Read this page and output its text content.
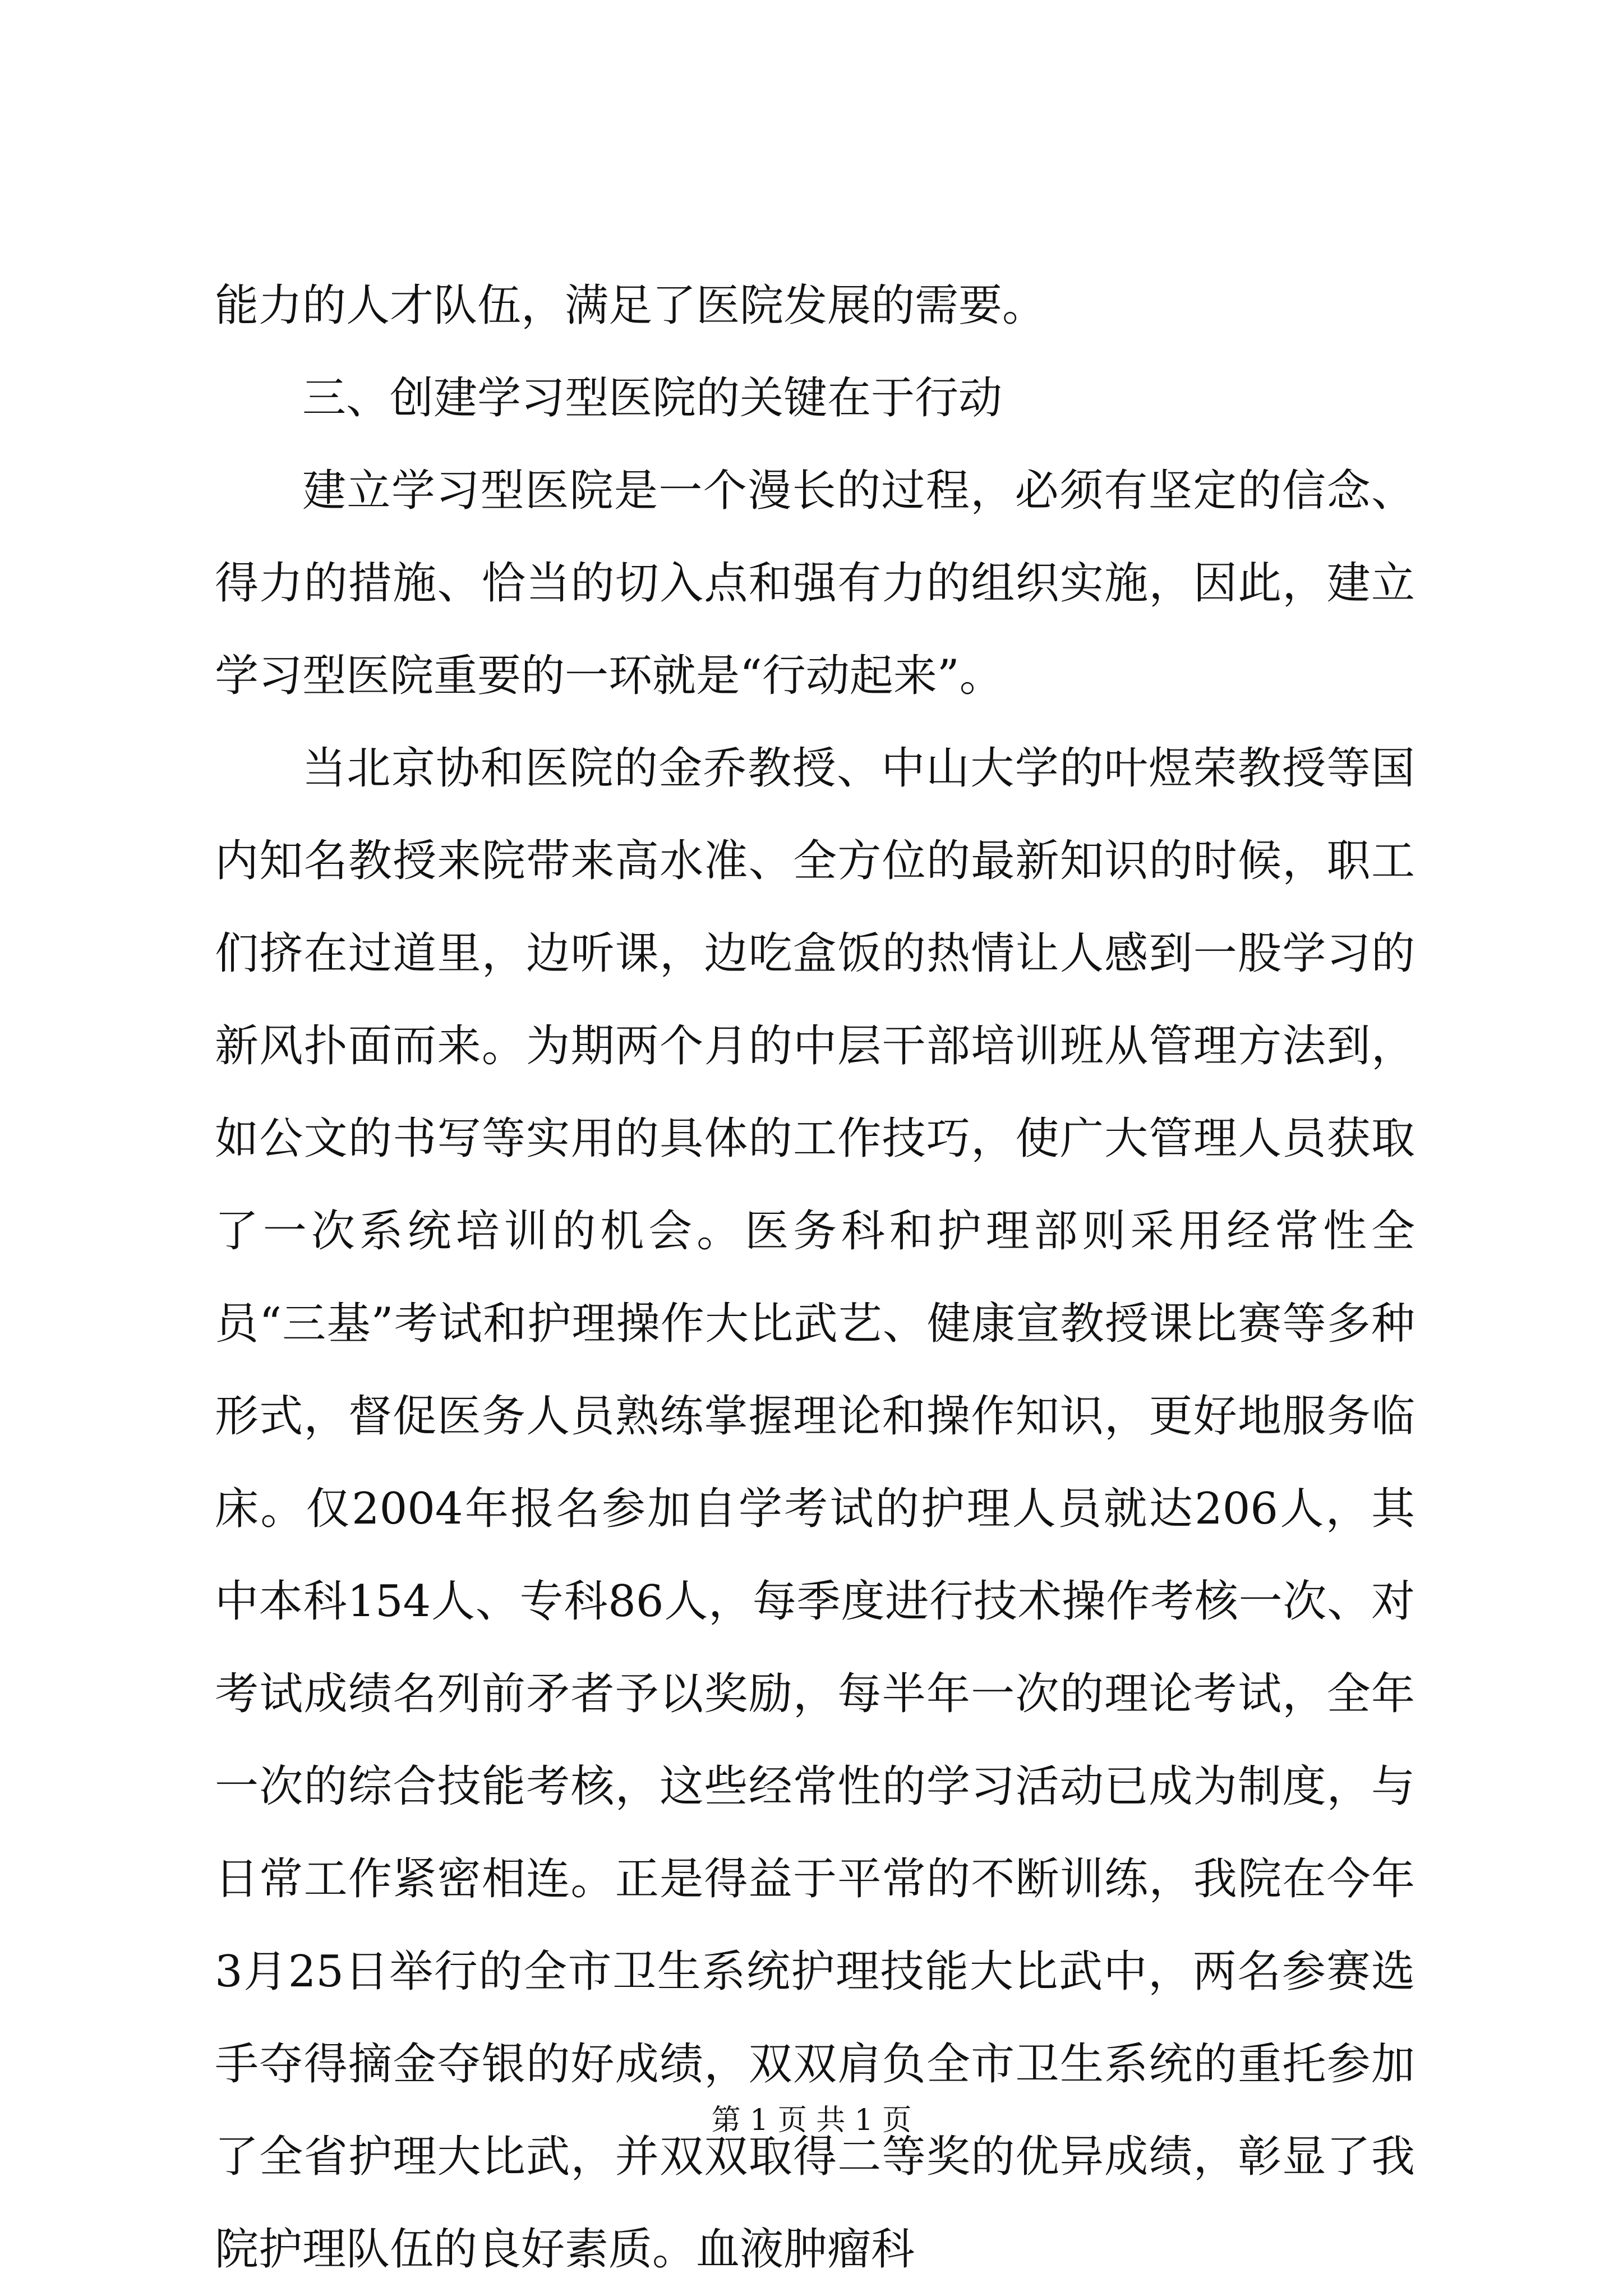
能力的人才队伍，满足了医院发展的需要。

三、创建学习型医院的关键在于行动

建立学习型医院是一个漫长的过程，必须有坚定的信念、得力的措施、恰当的切入点和强有力的组织实施，因此，建立学习型医院重要的一环就是“行动起来”。

当北京协和医院的金乔教授、中山大学的叶煜荣教授等国内知名教授来院带来高水准、全方位的最新知识的时候，职工们挤在过道里，边听课，边吃盒饭的热情让人感到一股学习的新风扑面而来。为期两个月的中层干部培训班从管理方法到，如公文的书写等实用的具体的工作技巧，使广大管理人员获取了一次系统培训的机会。医务科和护理部则采用经常性全员“三基”考试和护理操作大比武艺、健康宣教授课比赛等多种形式，督促医务人员熟练掌握理论和操作知识，更好地服务临床。仅2004年报名参加自学考试的护理人员就达206人，其中本科154人、专科86人，每季度进行技术操作考核一次、对考试成绩名列前矛者予以奖励，每半年一次的理论考试，全年一次的综合技能考核，这些经常性的学习活动已成为制度，与日常工作紧密相连。正是得益于平常的不断训练，我院在今年3月25日举行的全市卫生系统护理技能大比武中，两名参赛选手夺得摘金夺银的好成绩，双双肩负全市卫生系统的重托参加了全省护理大比武，并双双取得二等奖的优异成绩，彰显了我院护理队伍的良好素质。血液肿瘤科

第 1 页 共 1 页
